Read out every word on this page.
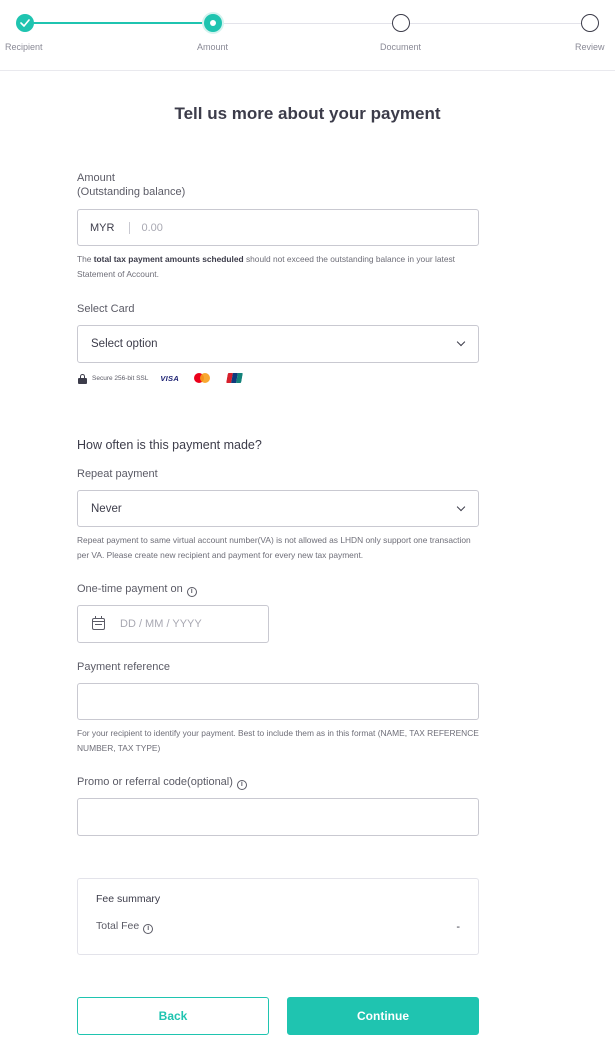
Recipient	Amount	Document	Review
Tell us more about your payment
Amount
(Outstanding balance)
MYR 0.00
The total tax payment amounts scheduled should not exceed the outstanding balance in your latest Statement of Account.
Select Card
Select option
Secure 256-bit SSL VISA
How often is this payment made?
Repeat payment
Never
Repeat payment to same virtual account number(VA) is not allowed as LHDN only support one transaction per VA. Please create new recipient and payment for every new tax payment.
One-time payment on i
DD / MM / YYYY
Payment reference
For your recipient to identify your payment. Best to include them as in this format (NAME, TAX REFERENCE NUMBER, TAX TYPE)
Promo or referral code(optional) i
Fee summary
Total Fee i	-
Back	Continue
